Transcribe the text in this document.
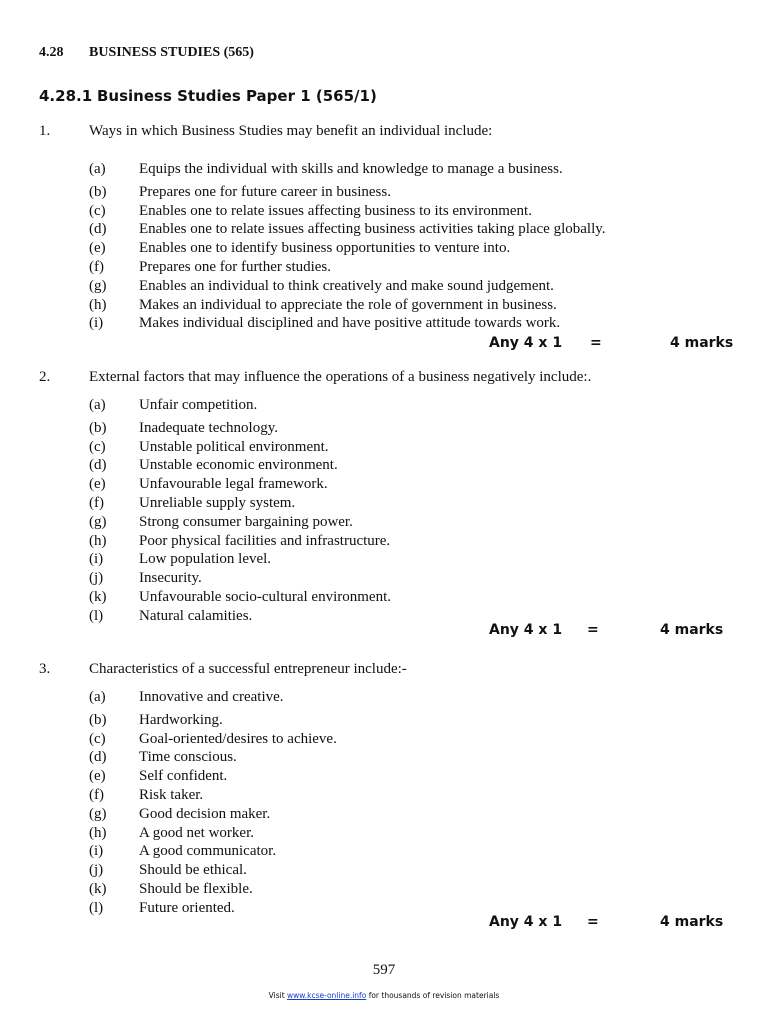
4.28 BUSINESS STUDIES (565)
4.28.1 Business Studies Paper 1 (565/1)
1.	Ways in which Business Studies may benefit an individual include:
(a) Equips the individual with skills and knowledge to manage a business.
(b) Prepares one for future career in business.
(c) Enables one to relate issues affecting business to its environment.
(d) Enables one to relate issues affecting business activities taking place globally.
(e) Enables one to identify business opportunities to venture into.
(f) Prepares one for further studies.
(g) Enables an individual to think creatively and make sound judgement.
(h) Makes an individual to appreciate the role of government in business.
(i) Makes individual disciplined and have positive attitude towards work.
Any 4 x 1 =	4 marks
2.	External factors that may influence the operations of a business negatively include:.
(a) Unfair competition.
(b) Inadequate technology.
(c) Unstable political environment.
(d) Unstable economic environment.
(e) Unfavourable legal framework.
(f) Unreliable supply system.
(g) Strong consumer bargaining power.
(h) Poor physical facilities and infrastructure.
(i) Low population level.
(j) Insecurity.
(k) Unfavourable socio-cultural environment.
(l) Natural calamities.
Any 4 x 1 =	4 marks
3.	Characteristics of a successful entrepreneur include:-
(a) Innovative and creative.
(b) Hardworking.
(c) Goal-oriented/desires to achieve.
(d) Time conscious.
(e) Self confident.
(f) Risk taker.
(g) Good decision maker.
(h) A good net worker.
(i) A good communicator.
(j) Should be ethical.
(k) Should be flexible.
(l) Future oriented.
Any 4 x 1 =	4 marks
597
Visit www.kcse-online.info for thousands of revision materials
